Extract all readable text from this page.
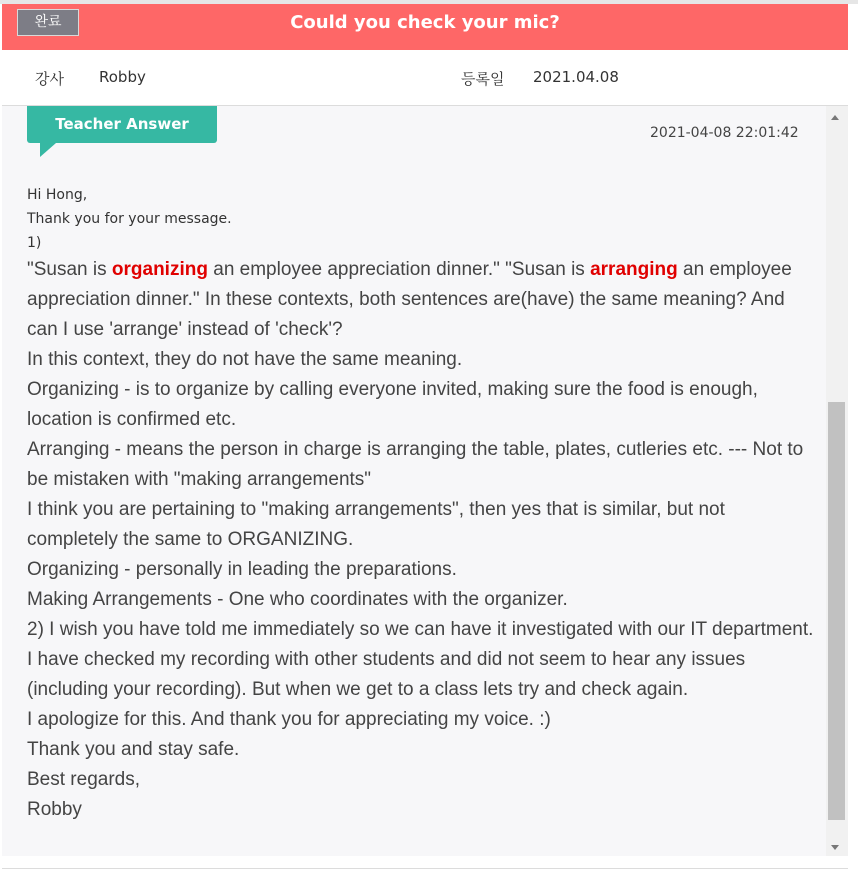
완료	Could you check your mic?
강사 Robby	등록일 2021.04.08
Teacher Answer	2021-04-08 22:01:42
Hi Hong,
Thank you for your message.
1)

"Susan is organizing an employee appreciation dinner." "Susan is arranging an employee appreciation dinner." In these contexts, both sentences are(have) the same meaning? And can I use 'arrange' instead of 'check'?

In this context, they do not have the same meaning.

Organizing - is to organize by calling everyone invited, making sure the food is enough, location is confirmed etc.

Arranging - means the person in charge is arranging the table, plates, cutleries etc. --- Not to be mistaken with "making arrangements"

I think you are pertaining to "making arrangements", then yes that is similar, but not completely the same to ORGANIZING.

Organizing - personally in leading the preparations.

Making Arrangements - One who coordinates with the organizer.

2) I wish you have told me immediately so we can have it investigated with our IT department.

I have checked my recording with other students and did not seem to hear any issues (including your recording). But when we get to a class lets try and check again.

I apologize for this. And thank you for appreciating my voice. :)

Thank you and stay safe.

Best regards,

Robby
